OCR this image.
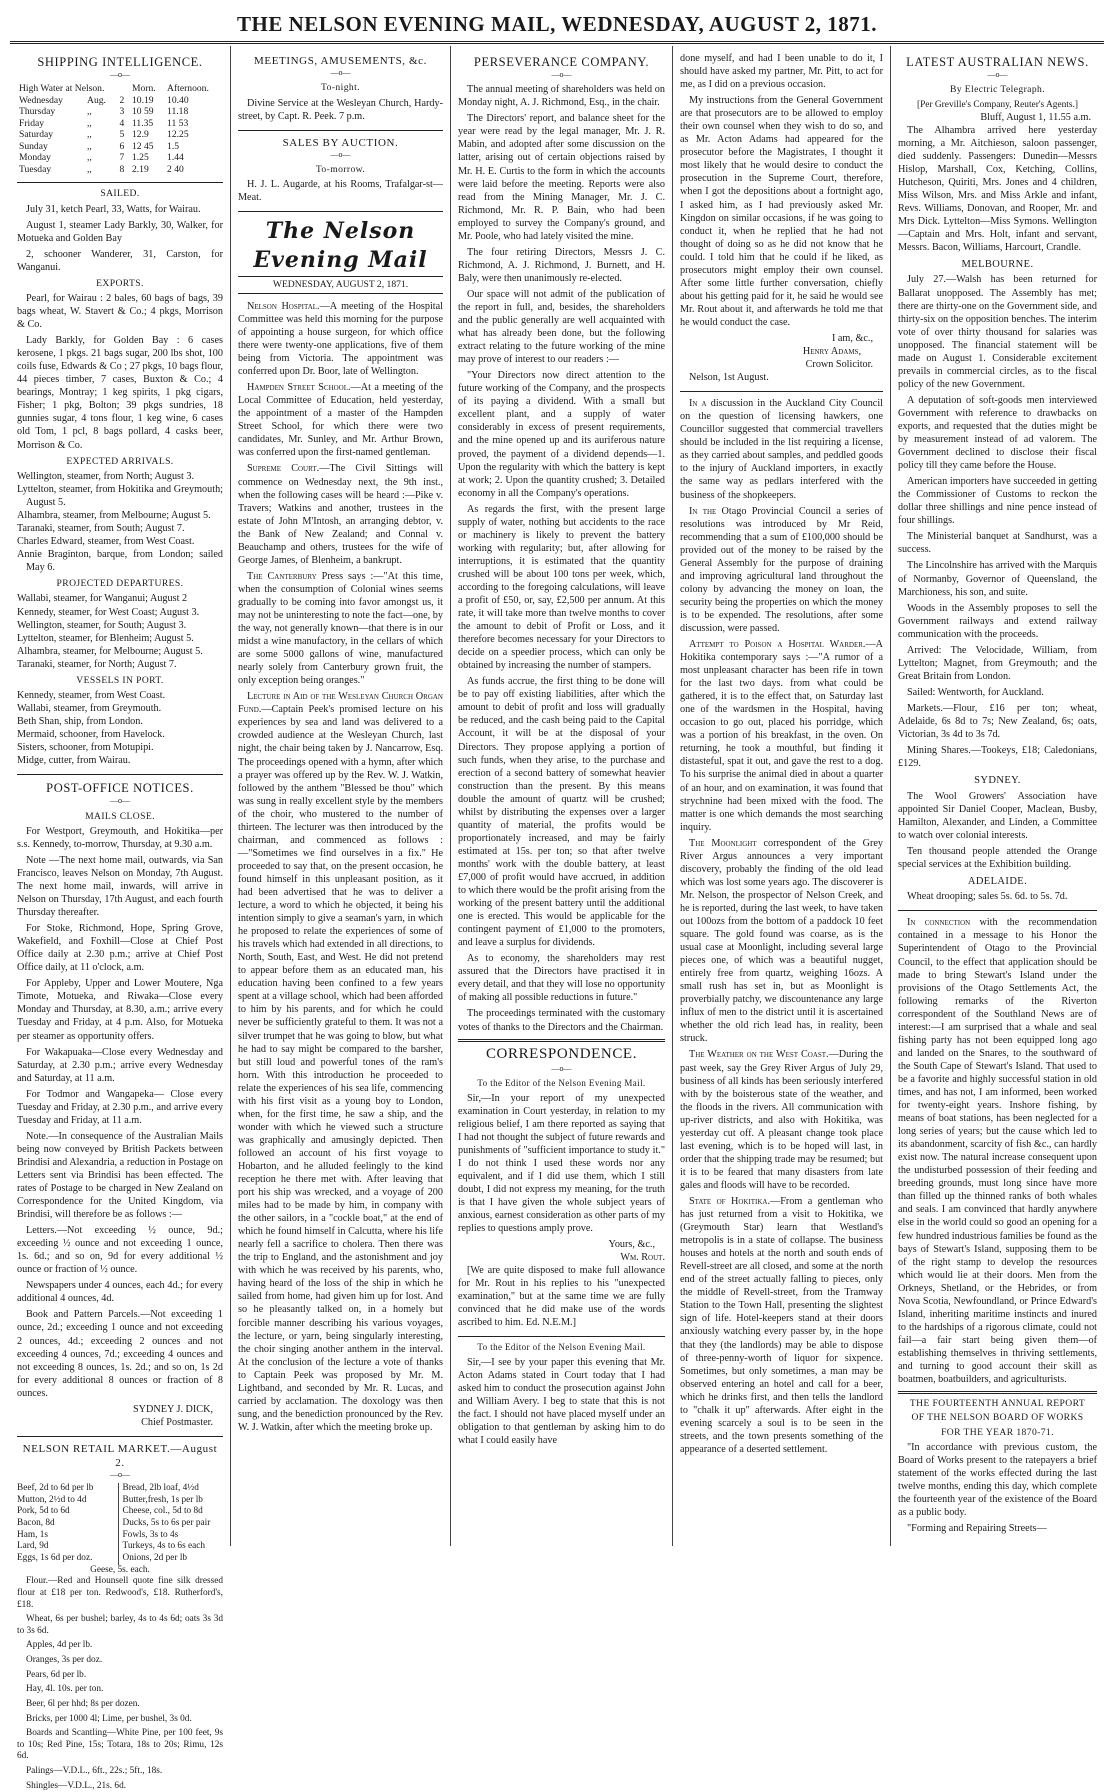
THE NELSON EVENING MAIL, WEDNESDAY, AUGUST 2, 1871.
SHIPPING INTELLIGENCE.
—o—
High Water at Nelson.			Morn.	Afternoon.
Wednesday	Aug.	2	10.19	10.40
Thursday	,,	3	10 59	11.18
Friday	,,	4	11.35	11 53
Saturday	,,	5	12.9	12.25
Sunday	,,	6	12 45	1.5
Monday	,,	7	1.25	1.44
Tuesday	,,	8	2.19	2 40
SAILED.

July 31, ketch Pearl, 33, Watts, for Wairau.

August 1, steamer Lady Barkly, 30, Walker, for Motueka and Golden Bay

2, schooner Wanderer, 31, Carston, for Wanganui.

EXPORTS.

Pearl, for Wairau : 2 bales, 60 bags of bags, 39 bags wheat, W. Stavert & Co.; 4 pkgs, Morrison & Co.

Lady Barkly, for Golden Bay : 6 cases kerosene, 1 pkgs. 21 bags sugar, 200 lbs shot, 100 coils fuse, Edwards & Co ; 27 pkgs, 10 bags flour, 44 pieces timber, 7 cases, Buxton & Co.; 4 bearings, Montray; 1 keg spirits, 1 pkg cigars, Fisher; 1 pkg, Bolton; 39 pkgs sundries, 18 gunnies sugar, 4 tons flour, 1 keg wine, 6 cases old Tom, 1 pcl, 8 bags pollard, 4 casks beer, Morrison & Co.

EXPECTED ARRIVALS.
Wellington, steamer, from North; August 3.
Lyttelton, steamer, from Hokitika and Greymouth; August 5.
Alhambra, steamer, from Melbourne; August 5.
Taranaki, steamer, from South; August 7.
Charles Edward, steamer, from West Coast.
Annie Braginton, barque, from London; sailed May 6.
PROJECTED DEPARTURES.
Wallabi, steamer, for Wanganui; August 2
Kennedy, steamer, for West Coast; August 3.
Wellington, steamer, for South; August 3.
Lyttelton, steamer, for Blenheim; August 5.
Alhambra, steamer, for Melbourne; August 5.
Taranaki, steamer, for North; August 7.
VESSELS IN PORT.
Kennedy, steamer, from West Coast.
Wallabi, steamer, from Greymouth.
Beth Shan, ship, from London.
Mermaid, schooner, from Havelock.
Sisters, schooner, from Motupipi.
Midge, cutter, from Wairau.
POST-OFFICE NOTICES.
—o—
MAILS CLOSE.

For Westport, Greymouth, and Hokitika—per s.s. Kennedy, to-morrow, Thursday, at 9.30 a.m.

Note —The next home mail, outwards, via San Francisco, leaves Nelson on Monday, 7th August. The next home mail, inwards, will arrive in Nelson on Thursday, 17th August, and each fourth Thursday thereafter.

For Stoke, Richmond, Hope, Spring Grove, Wakefield, and Foxhill—Close at Chief Post Office daily at 2.30 p.m.; arrive at Chief Post Office daily, at 11 o'clock, a.m.

For Appleby, Upper and Lower Moutere, Nga Timote, Motueka, and Riwaka—Close every Monday and Thursday, at 8.30, a.m.; arrive every Tuesday and Friday, at 4 p.m. Also, for Motueka per steamer as opportunity offers.

For Wakapuaka—Close every Wednesday and Saturday, at 2.30 p.m.; arrive every Wednesday and Saturday, at 11 a.m.

For Todmor and Wangapeka— Close every Tuesday and Friday, at 2.30 p.m., and arrive every Tuesday and Friday, at 11 a.m.

Note.—In consequence of the Australian Mails being now conveyed by British Packets between Brindisi and Alexandria, a reduction in Postage on Letters sent via Brindisi has been effected. The rates of Postage to be charged in New Zealand on Correspondence for the United Kingdom, via Brindisi, will therefore be as follows :—

Letters.—Not exceeding ½ ounce, 9d.; exceeding ½ ounce and not exceeding 1 ounce, 1s. 6d.; and so on, 9d for every additional ½ ounce or fraction of ½ ounce.

Newspapers under 4 ounces, each 4d.; for every additional 4 ounces, 4d.

Book and Pattern Parcels.—Not exceeding 1 ounce, 2d.; exceeding 1 ounce and not exceeding 2 ounces, 4d.; exceeding 2 ounces and not exceeding 4 ounces, 7d.; exceeding 4 ounces and not exceeding 8 ounces, 1s. 2d.; and so on, 1s 2d for every additional 8 ounces or fraction of 8 ounces.

SYDNEY J. DICK,
Chief Postmaster.
NELSON RETAIL MARKET.—August 2.
—o—
Beef, 2d to 6d per lb
Mutton, 2½d to 4d
Pork, 5d to 6d
Bacon, 8d
Ham, 1s
Lard, 9d
Eggs, 1s 6d per doz.
Bread, 2lb loaf, 4½d
Butter,fresh, 1s per lb
Cheese, col., 5d to 8d
Ducks, 5s to 6s per pair
Fowls, 3s to 4s
Turkeys, 4s to 6s each
Onions, 2d per lb
Geese, 5s. each.

Flour.—Red and Hounsell quote fine silk dressed flour at £18 per ton. Redwood's, £18. Rutherford's, £18.

Wheat, 6s per bushel; barley, 4s to 4s 6d; oats 3s 3d to 3s 6d.

Apples, 4d per lb.

Oranges, 3s per doz.

Pears, 6d per lb.

Hay, 4l. 10s. per ton.

Beer, 6l per hhd; 8s per dozen.

Bricks, per 1000 4l; Lime, per bushel, 3s 0d.

Boards and Scantling—White Pine, per 100 feet, 9s to 10s; Red Pine, 15s; Totara, 18s to 20s; Rimu, 12s 6d.

Palings—V.D.L., 6ft., 22s.; 5ft., 18s.

Shingles—V.D.L., 21s. 6d.

MEETINGS, AMUSEMENTS, &c.
—o—
To-night.

Divine Service at the Wesleyan Church, Hardy-street, by Capt. R. Peek. 7 p.m.

SALES BY AUCTION.
—o—
To-morrow.

H. J. L. Augarde, at his Rooms, Trafalgar-st—Meat.

The Nelson Evening Mail
WEDNESDAY, AUGUST 2, 1871.

Nelson Hospital.—A meeting of the Hospital Committee was held this morning for the purpose of appointing a house surgeon, for which office there were twenty-one applications, five of them being from Victoria. The appointment was conferred upon Dr. Boor, late of Wellington.

Hampden Street School.—At a meeting of the Local Committee of Education, held yesterday, the appointment of a master of the Hampden Street School, for which there were two candidates, Mr. Sunley, and Mr. Arthur Brown, was conferred upon the first-named gentleman.

Supreme Court.—The Civil Sittings will commence on Wednesday next, the 9th inst., when the following cases will be heard :—Pike v. Travers; Watkins and another, trustees in the estate of John M'Intosh, an arranging debtor, v. the Bank of New Zealand; and Connal v. Beauchamp and others, trustees for the wife of George James, of Blenheim, a bankrupt.

The Canterbury Press says :—"At this time, when the consumption of Colonial wines seems gradually to be coming into favor amongst us, it may not be uninteresting to note the fact—one, by the way, not generally known—that there is in our midst a wine manufactory, in the cellars of which are some 5000 gallons of wine, manufactured nearly solely from Canterbury grown fruit, the only exception being oranges."

Lecture in Aid of the Wesleyan Church Organ Fund.—Captain Peek's promised lecture on his experiences by sea and land was delivered to a crowded audience at the Wesleyan Church, last night, the chair being taken by J. Nancarrow, Esq. The proceedings opened with a hymn, after which a prayer was offered up by the Rev. W. J. Watkin, followed by the anthem "Blessed be thou" which was sung in really excellent style by the members of the choir, who mustered to the number of thirteen. The lecturer was then introduced by the chairman, and commenced as follows :—"Sometimes we find ourselves in a fix." He proceeded to say that, on the present occasion, he found himself in this unpleasant position, as it had been advertised that he was to deliver a lecture, a word to which he objected, it being his intention simply to give a seaman's yarn, in which he proposed to relate the experiences of some of his travels which had extended in all directions, to North, South, East, and West. He did not pretend to appear before them as an educated man, his education having been confined to a few years spent at a village school, which had been afforded to him by his parents, and for which he could never be sufficiently grateful to them. It was not a silver trumpet that he was going to blow, but what he had to say might be compared to the barsher, but still loud and powerful tones of the ram's horn. With this introduction he proceeded to relate the experiences of his sea life, commencing with his first visit as a young boy to London, when, for the first time, he saw a ship, and the wonder with which he viewed such a structure was graphically and amusingly depicted. Then followed an account of his first voyage to Hobarton, and he alluded feelingly to the kind reception he there met with. After leaving that port his ship was wrecked, and a voyage of 200 miles had to be made by him, in company with the other sailors, in a "cockle boat," at the end of which he found himself in Calcutta, where his life nearly fell a sacrifice to cholera. Then there was the trip to England, and the astonishment and joy with which he was received by his parents, who, having heard of the loss of the ship in which he sailed from home, had given him up for lost. And so he pleasantly talked on, in a homely but forcible manner describing his various voyages, the lecture, or yarn, being singularly interesting, the choir singing another anthem in the interval. At the conclusion of the lecture a vote of thanks to Captain Peek was proposed by Mr. M. Lightband, and seconded by Mr. R. Lucas, and carried by acclamation. The doxology was then sung, and the benediction pronounced by the Rev. W. J. Watkin, after which the meeting broke up.

PERSEVERANCE COMPANY.
—o—

The annual meeting of shareholders was held on Monday night, A. J. Richmond, Esq., in the chair.

The Directors' report, and balance sheet for the year were read by the legal manager, Mr. J. R. Mabin, and adopted after some discussion on the latter, arising out of certain objections raised by Mr. H. E. Curtis to the form in which the accounts were laid before the meeting. Reports were also read from the Mining Manager, Mr. J. C. Richmond, Mr. R. P. Bain, who had been employed to survey the Company's ground, and Mr. Poole, who had lately visited the mine.

The four retiring Directors, Messrs J. C. Richmond, A. J. Richmond, J. Burnett, and H. Baly, were then unanimously re-elected.

Our space will not admit of the publication of the report in full, and, besides, the shareholders and the public generally are well acquainted with what has already been done, but the following extract relating to the future working of the mine may prove of interest to our readers :—

"Your Directors now direct attention to the future working of the Company, and the prospects of its paying a dividend. With a small but excellent plant, and a supply of water considerably in excess of present requirements, and the mine opened up and its auriferous nature proved, the payment of a dividend depends—1. Upon the regularity with which the battery is kept at work; 2. Upon the quantity crushed; 3. Detailed economy in all the Company's operations.

As regards the first, with the present large supply of water, nothing but accidents to the race or machinery is likely to prevent the battery working with regularity; but, after allowing for interruptions, it is estimated that the quantity crushed will be about 100 tons per week, which, according to the foregoing calculations, will leave a profit of £50, or, say, £2,500 per annum. At this rate, it will take more than twelve months to cover the amount to debit of Profit or Loss, and it therefore becomes necessary for your Directors to decide on a speedier process, which can only be obtained by increasing the number of stampers.

As funds accrue, the first thing to be done will be to pay off existing liabilities, after which the amount to debit of profit and loss will gradually be reduced, and the cash being paid to the Capital Account, it will be at the disposal of your Directors. They propose applying a portion of such funds, when they arise, to the purchase and erection of a second battery of somewhat heavier construction than the present. By this means double the amount of quartz will be crushed; whilst by distributing the expenses over a larger quantity of material, the profits would be proportionately increased, and may be fairly estimated at 15s. per ton; so that after twelve months' work with the double battery, at least £7,000 of profit would have accrued, in addition to which there would be the profit arising from the working of the present battery until the additional one is erected. This would be applicable for the contingent payment of £1,000 to the promoters, and leave a surplus for dividends.

As to economy, the shareholders may rest assured that the Directors have practised it in every detail, and that they will lose no opportunity of making all possible reductions in future."

The proceedings terminated with the customary votes of thanks to the Directors and the Chairman.

CORRESPONDENCE.
—o—
To the Editor of the Nelson Evening Mail.

Sir,—In your report of my unexpected examination in Court yesterday, in relation to my religious belief, I am there reported as saying that I had not thought the subject of future rewards and punishments of "sufficient importance to study it." I do not think I used these words nor any equivalent, and if I did use them, which I still doubt, I did not express my meaning, for the truth is that I have given the whole subject years of anxious, earnest consideration as other parts of my replies to questions amply prove.

Yours, &c.,
Wm. Rout.

[We are quite disposed to make full allowance for Mr. Rout in his replies to his "unexpected examination," but at the same time we are fully convinced that he did make use of the words ascribed to him. Ed. N.E.M.]

To the Editor of the Nelson Evening Mail.

Sir,—I see by your paper this evening that Mr. Acton Adams stated in Court today that I had asked him to conduct the prosecution against John and William Avery. I beg to state that this is not the fact. I should not have placed myself under an obligation to that gentleman by asking him to do what I could easily have

done myself, and had I been unable to do it, I should have asked my partner, Mr. Pitt, to act for me, as I did on a previous occasion.

My instructions from the General Government are that prosecutors are to be allowed to employ their own counsel when they wish to do so, and as Mr. Acton Adams had appeared for the prosecutor before the Magistrates, I thought it most likely that he would desire to conduct the prosecution in the Supreme Court, therefore, when I got the depositions about a fortnight ago, I asked him, as I had previously asked Mr. Kingdon on similar occasions, if he was going to conduct it, when he replied that he had not thought of doing so as he did not know that he could. I told him that he could if he liked, as prosecutors might employ their own counsel. After some little further conversation, chiefly about his getting paid for it, he said he would see Mr. Rout about it, and afterwards he told me that he would conduct the case.

I am, &c.,
Henry Adams,
Crown Solicitor.

Nelson, 1st August.

In a discussion in the Auckland City Council on the question of licensing hawkers, one Councillor suggested that commercial travellers should be included in the list requiring a license, as they carried about samples, and peddled goods to the injury of Auckland importers, in exactly the same way as pedlars interfered with the business of the shopkeepers.

In the Otago Provincial Council a series of resolutions was introduced by Mr Reid, recommending that a sum of £100,000 should be provided out of the money to be raised by the General Assembly for the purpose of draining and improving agricultural land throughout the colony by advancing the money on loan, the security being the properties on which the money is to be expended. The resolutions, after some discussion, were passed.

Attempt to Poison a Hospital Warder.—A Hokitika contemporary says :—"A rumor of a most unpleasant character has been rife in town for the last two days. from what could be gathered, it is to the effect that, on Saturday last one of the wardsmen in the Hospital, having occasion to go out, placed his porridge, which was a portion of his breakfast, in the oven. On returning, he took a mouthful, but finding it distasteful, spat it out, and gave the rest to a dog. To his surprise the animal died in about a quarter of an hour, and on examination, it was found that strychnine had been mixed with the food. The matter is one which demands the most searching inquiry.

The Moonlight correspondent of the Grey River Argus announces a very important discovery, probably the finding of the old lead which was lost some years ago. The discoverer is Mr. Nelson, the prospector of Nelson Creek, and he is reported, during the last week, to have taken out 100ozs from the bottom of a paddock 10 feet square. The gold found was coarse, as is the usual case at Moonlight, including several large pieces one, of which was a beautiful nugget, entirely free from quartz, weighing 16ozs. A small rush has set in, but as Moonlight is proverbially patchy, we discountenance any large influx of men to the district until it is ascertained whether the old rich lead has, in reality, been struck.

The Weather on the West Coast.—During the past week, say the Grey River Argus of July 29, business of all kinds has been seriously interfered with by the boisterous state of the weather, and the floods in the rivers. All communication with up-river districts, and also with Hokitika, was yesterday cut off. A pleasant change took place last evening, which is to be hoped will last, in order that the shipping trade may be resumed; but it is to be feared that many disasters from late gales and floods will have to be recorded.

State of Hokitika.—From a gentleman who has just returned from a visit to Hokitika, we (Greymouth Star) learn that Westland's metropolis is in a state of collapse. The business houses and hotels at the north and south ends of Revell-street are all closed, and some at the north end of the street actually falling to pieces, only the middle of Revell-street, from the Tramway Station to the Town Hall, presenting the slightest sign of life. Hotel-keepers stand at their doors anxiously watching every passer by, in the hope that they (the landlords) may be able to dispose of three-penny-worth of liquor for sixpence. Sometimes, but only sometimes, a man may be observed entering an hotel and call for a beer, which he drinks first, and then tells the landlord to "chalk it up" afterwards. After eight in the evening scarcely a soul is to be seen in the streets, and the town presents something of the appearance of a deserted settlement.

LATEST AUSTRALIAN NEWS.
—o—
By Electric Telegraph.
[Per Greville's Company, Reuter's Agents.]
Bluff, August 1, 11.55 a.m.

The Alhambra arrived here yesterday morning, a Mr. Aitchieson, saloon passenger, died suddenly. Passengers: Dunedin—Messrs Hislop, Marshall, Cox, Ketching, Collins, Hutcheson, Quiriti, Mrs. Jones and 4 children, Miss Wilson, Mrs. and Miss Arkle and infant, Revs. Williams, Donovan, and Rooper, Mr. and Mrs Dick. Lyttelton—Miss Symons. Wellington—Captain and Mrs. Holt, infant and servant, Messrs. Bacon, Williams, Harcourt, Crandle.

MELBOURNE.

July 27.—Walsh has been returned for Ballarat unopposed. The Assembly has met; there are thirty-one on the Government side, and thirty-six on the opposition benches. The interim vote of over thirty thousand for salaries was unopposed. The financial statement will be made on August 1. Considerable excitement prevails in commercial circles, as to the fiscal policy of the new Government.

A deputation of soft-goods men interviewed Government with reference to drawbacks on exports, and requested that the duties might be by measurement instead of ad valorem. The Government declined to disclose their fiscal policy till they came before the House.

American importers have succeeded in getting the Commissioner of Customs to reckon the dollar three shillings and nine pence instead of four shillings.

The Ministerial banquet at Sandhurst, was a success.

The Lincolnshire has arrived with the Marquis of Normanby, Governor of Queensland, the Marchioness, his son, and suite.

Woods in the Assembly proposes to sell the Government railways and extend railway communication with the proceeds.

Arrived: The Velocidade, William, from Lyttelton; Magnet, from Greymouth; and the Great Britain from London.

Sailed: Wentworth, for Auckland.

Markets.—Flour, £16 per ton; wheat, Adelaide, 6s 8d to 7s; New Zealand, 6s; oats, Victorian, 3s 4d to 3s 7d.

Mining Shares.—Tookeys, £18; Caledonians, £129.

SYDNEY.

The Wool Growers' Association have appointed Sir Daniel Cooper, Maclean, Busby, Hamilton, Alexander, and Linden, a Committee to watch over colonial interests.

Ten thousand people attended the Orange special services at the Exhibition building.

ADELAIDE.

Wheat drooping; sales 5s. 6d. to 5s. 7d.

In connection with the recommendation contained in a message to his Honor the Superintendent of Otago to the Provincial Council, to the effect that application should be made to bring Stewart's Island under the provisions of the Otago Settlements Act, the following remarks of the Riverton correspondent of the Southland News are of interest:—I am surprised that a whale and seal fishing party has not been equipped long ago and landed on the Snares, to the southward of the South Cape of Stewart's Island. That used to be a favorite and highly successful station in old times, and has not, I am informed, been worked for twenty-eight years. Inshore fishing, by means of boat stations, has been neglected for a long series of years; but the cause which led to its abandonment, scarcity of fish &c., can hardly exist now. The natural increase consequent upon the undisturbed possession of their feeding and breeding grounds, must long since have more than filled up the thinned ranks of both whales and seals. I am convinced that hardly anywhere else in the world could so good an opening for a few hundred industrious families be found as the bays of Stewart's Island, supposing them to be of the right stamp to develop the resources which would lie at their doors. Men from the Orkneys, Shetland, or the Hebrides, or from Nova Scotia, Newfoundland, or Prince Edward's Island, inheriting maritime instincts and inured to the hardships of a rigorous climate, could not fail—a fair start being given them—of establishing themselves in thriving settlements, and turning to good account their skill as boatmen, boatbuilders, and agriculturists.

THE FOURTEENTH ANNUAL REPORT
OF THE NELSON BOARD OF WORKS
FOR THE YEAR 1870-71.

"In accordance with previous custom, the Board of Works present to the ratepayers a brief statement of the works effected during the last twelve months, ending this day, which complete the fourteenth year of the existence of the Board as a public body.

"Forming and Repairing Streets—
